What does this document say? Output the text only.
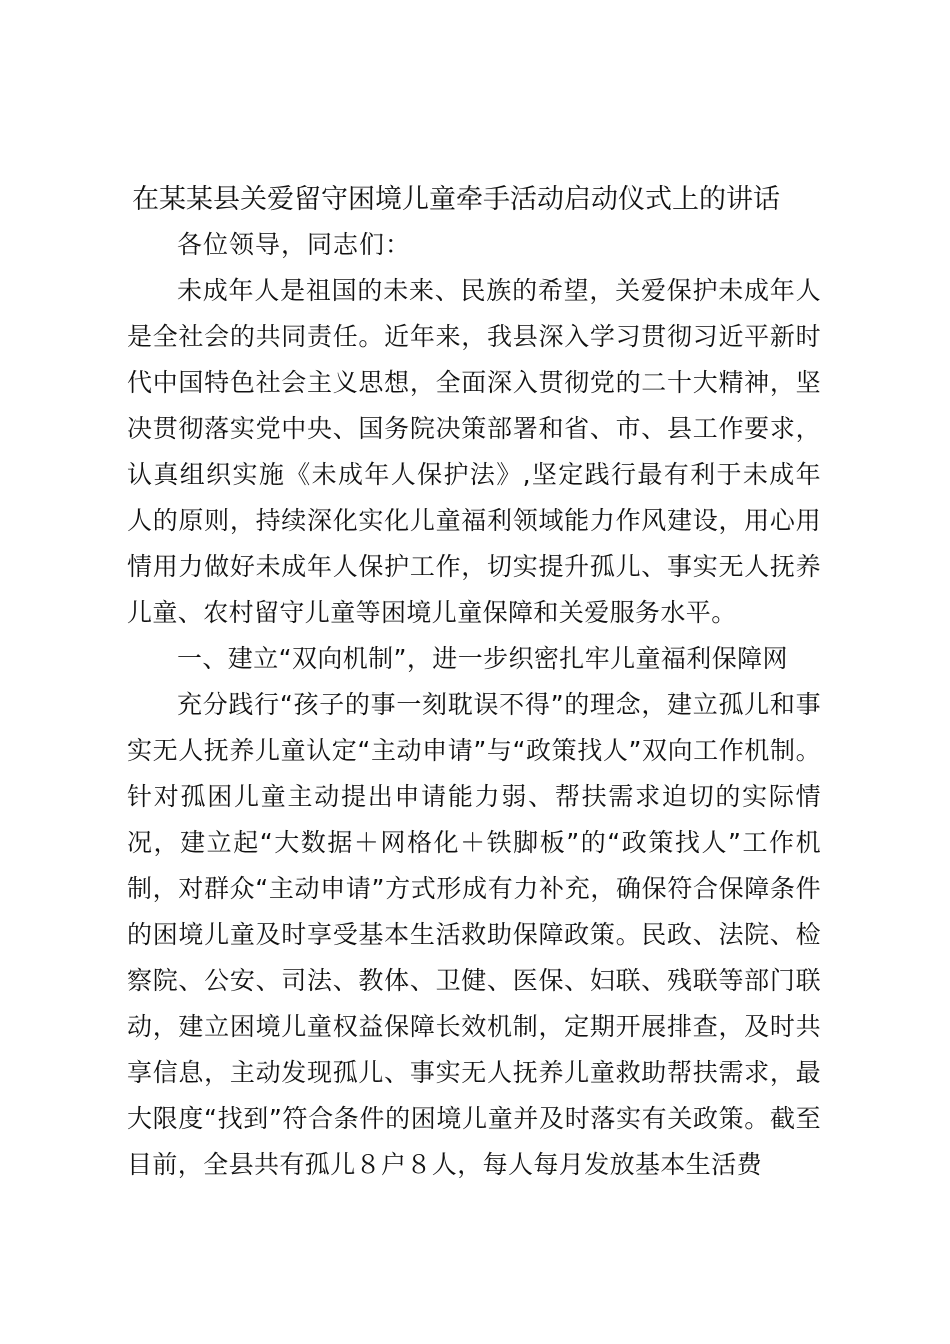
在某某县关爱留守困境儿童牵手活动启动仪式上的讲话

各位领导，同志们：

未成年人是祖国的未来、民族的希望，关爱保护未成年人是全社会的共同责任。近年来，我县深入学习贯彻习近平新时代中国特色社会主义思想，全面深入贯彻党的二十大精神，坚决贯彻落实党中央、国务院决策部署和省、市、县工作要求，认真组织实施《未成年人保护法》,坚定践行最有利于未成年人的原则，持续深化实化儿童福利领域能力作风建设，用心用情用力做好未成年人保护工作，切实提升孤儿、事实无人抚养儿童、农村留守儿童等困境儿童保障和关爱服务水平。

一、建立“双向机制”，进一步织密扎牢儿童福利保障网

充分践行“孩子的事一刻耽误不得”的理念，建立孤儿和事实无人抚养儿童认定“主动申请”与“政策找人”双向工作机制。针对孤困儿童主动提出申请能力弱、帮扶需求迫切的实际情况，建立起“大数据＋网格化＋铁脚板”的“政策找人”工作机制，对群众“主动申请”方式形成有力补充，确保符合保障条件的困境儿童及时享受基本生活救助保障政策。民政、法院、检察院、公安、司法、教体、卫健、医保、妇联、残联等部门联动，建立困境儿童权益保障长效机制，定期开展排查，及时共享信息，主动发现孤儿、事实无人抚养儿童救助帮扶需求，最大限度“找到”符合条件的困境儿童并及时落实有关政策。截至目前，全县共有孤儿８户８人，每人每月发放基本生活费
